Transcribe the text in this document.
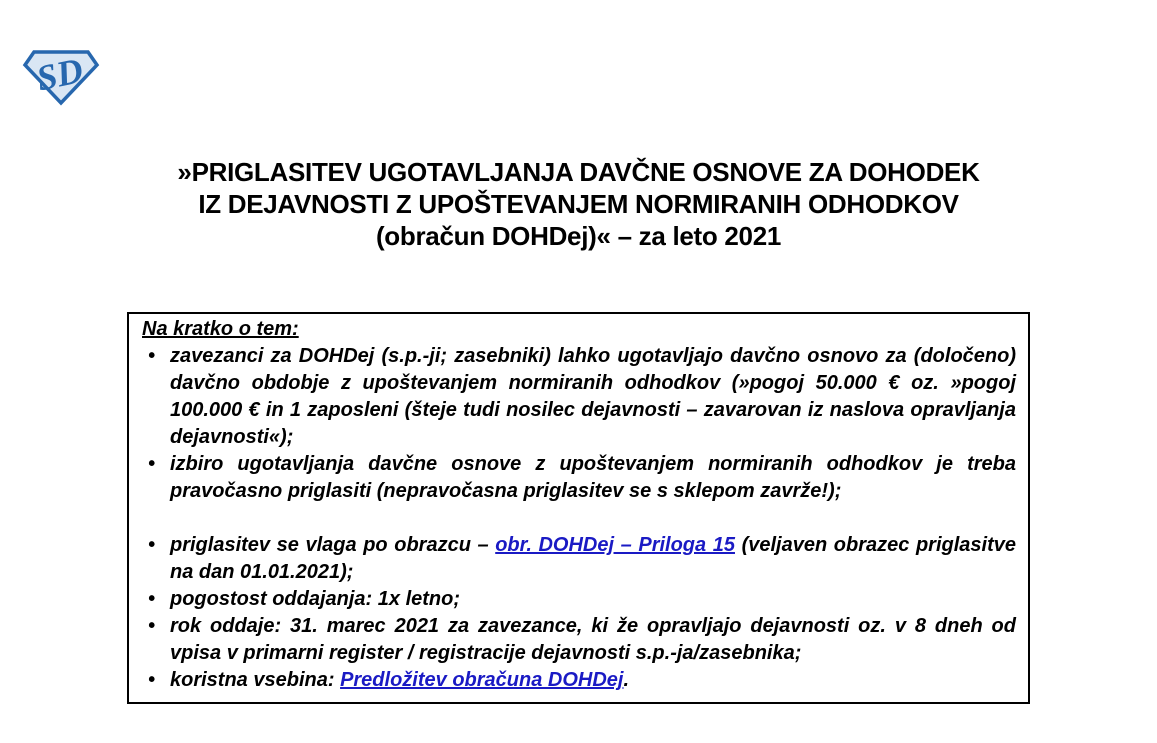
SD
»PRIGLASITEV UGOTAVLJANJA DAVČNE OSNOVE ZA DOHODEK
IZ DEJAVNOSTI Z UPOŠTEVANJEM NORMIRANIH ODHODKOV
(obračun DOHDej)« – za leto 2021
Na kratko o tem:
• zavezanci za DOHDej (s.p.-ji; zasebniki) lahko ugotavljajo davčno osnovo za (določeno) davčno obdobje z upoštevanjem normiranih odhodkov (»pogoj 50.000 € oz. »pogoj 100.000 € in 1 zaposleni (šteje tudi nosilec dejavnosti – zavarovan iz naslova opravljanja dejavnosti«);
• izbiro ugotavljanja davčne osnove z upoštevanjem normiranih odhodkov je treba pravočasno priglasiti (nepravočasna priglasitev se s sklepom zavrže!);
• priglasitev se vlaga po obrazcu – obr. DOHDej – Priloga 15 (veljaven obrazec priglasitve na dan 01.01.2021);
• pogostost oddajanja: 1x letno;
• rok oddaje: 31. marec 2021 za zavezance, ki že opravljajo dejavnosti oz. v 8 dneh od vpisa v primarni register / registracije dejavnosti s.p.-ja/zasebnika;
• koristna vsebina: Predložitev obračuna DOHDej.
